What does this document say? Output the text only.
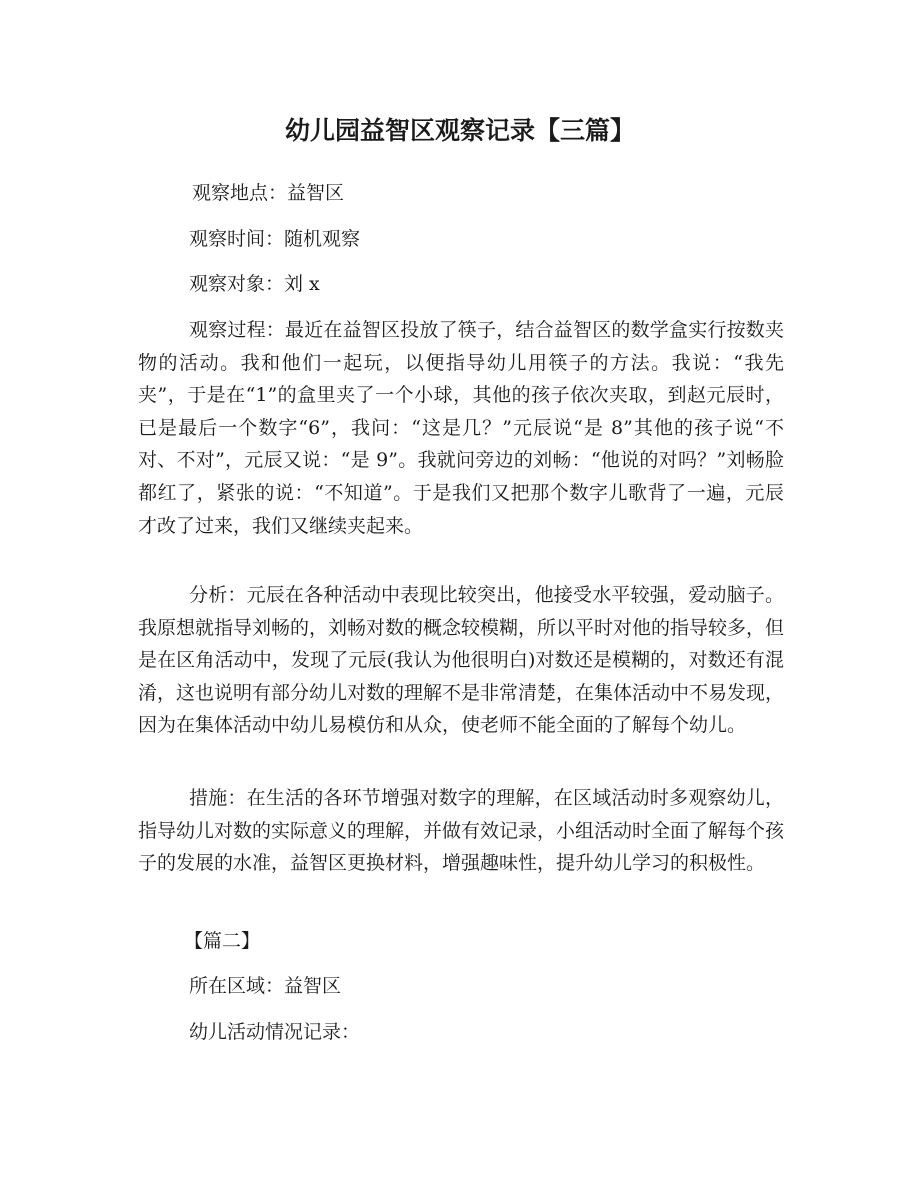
幼儿园益智区观察记录【三篇】

观察地点：益智区

观察时间：随机观察

观察对象：刘 x

观察过程：最近在益智区投放了筷子，结合益智区的数学盒实行按数夹物的活动。我和他们一起玩，以便指导幼儿用筷子的方法。我说：“我先夹”，于是在“1”的盒里夹了一个小球，其他的孩子依次夹取，到赵元辰时，已是最后一个数字“6”，我问：“这是几？”元辰说“是 8”其他的孩子说“不对、不对”，元辰又说：“是 9”。我就问旁边的刘畅：“他说的对吗？”刘畅脸都红了，紧张的说：“不知道”。于是我们又把那个数字儿歌背了一遍，元辰才改了过来，我们又继续夹起来。

分析：元辰在各种活动中表现比较突出，他接受水平较强，爱动脑子。我原想就指导刘畅的，刘畅对数的概念较模糊，所以平时对他的指导较多，但是在区角活动中，发现了元辰(我认为他很明白)对数还是模糊的，对数还有混淆，这也说明有部分幼儿对数的理解不是非常清楚，在集体活动中不易发现，因为在集体活动中幼儿易模仿和从众，使老师不能全面的了解每个幼儿。

措施：在生活的各环节增强对数字的理解，在区域活动时多观察幼儿，指导幼儿对数的实际意义的理解，并做有效记录，小组活动时全面了解每个孩子的发展的水准，益智区更换材料，增强趣味性，提升幼儿学习的积极性。

【篇二】

所在区域：益智区

幼儿活动情况记录：
